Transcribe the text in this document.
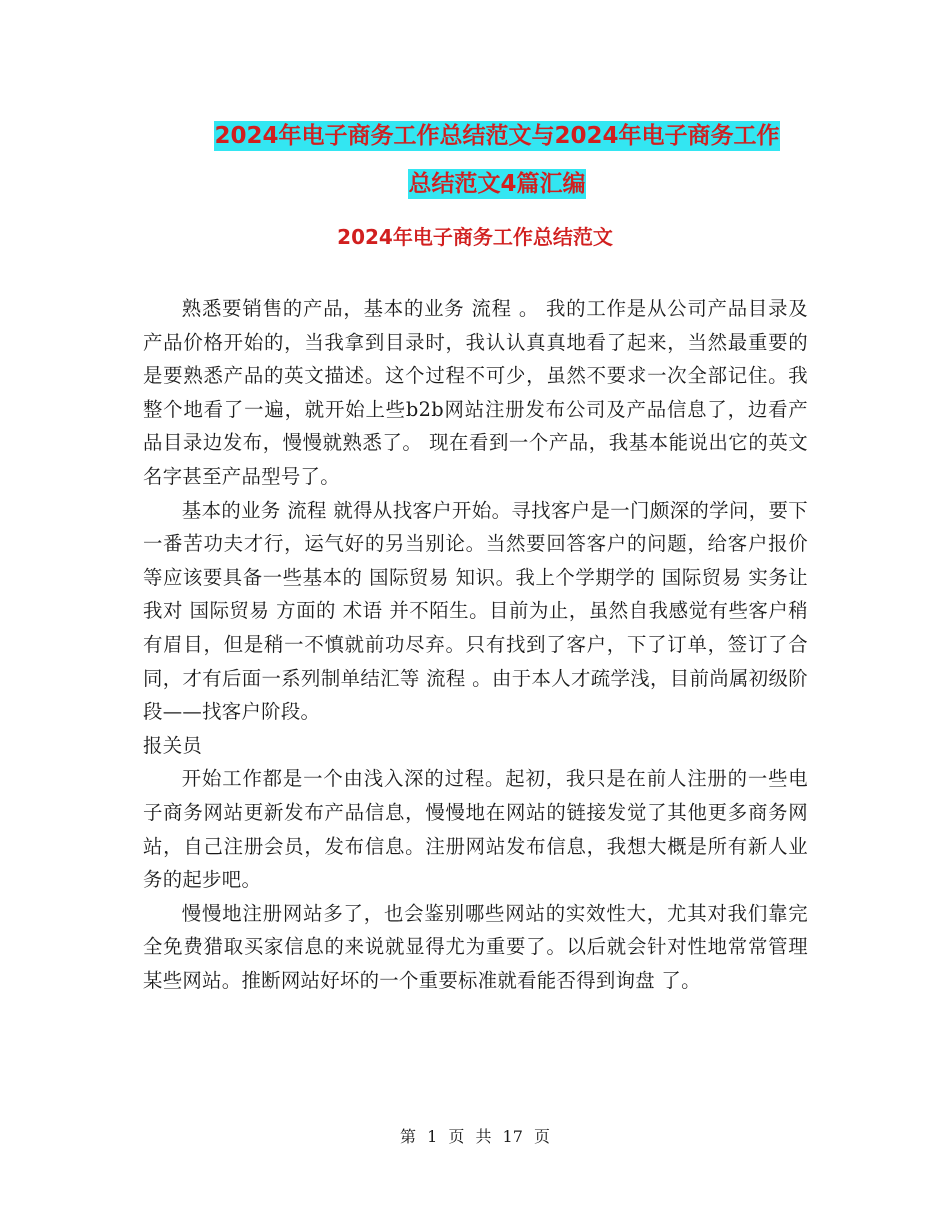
2024年电子商务工作总结范文与2024年电子商务工作
总结范文4篇汇编
2024年电子商务工作总结范文

熟悉要销售的产品，基本的业务 流程 。 我的工作是从公司产品目录及产品价格开始的，当我拿到目录时，我认认真真地看了起来，当然最重要的是要熟悉产品的英文描述。这个过程不可少，虽然不要求一次全部记住。我整个地看了一遍，就开始上些b2b网站注册发布公司及产品信息了，边看产品目录边发布，慢慢就熟悉了。 现在看到一个产品，我基本能说出它的英文名字甚至产品型号了。

基本的业务 流程 就得从找客户开始。寻找客户是一门颇深的学问，要下一番苦功夫才行，运气好的另当别论。当然要回答客户的问题，给客户报价等应该要具备一些基本的 国际贸易 知识。我上个学期学的 国际贸易 实务让我对 国际贸易 方面的 术语 并不陌生。目前为止，虽然自我感觉有些客户稍有眉目，但是稍一不慎就前功尽弃。只有找到了客户，下了订单，签订了合同，才有后面一系列制单结汇等 流程 。由于本人才疏学浅，目前尚属初级阶段——找客户阶段。

报关员

开始工作都是一个由浅入深的过程。起初，我只是在前人注册的一些电子商务网站更新发布产品信息，慢慢地在网站的链接发觉了其他更多商务网站，自己注册会员，发布信息。注册网站发布信息，我想大概是所有新人业务的起步吧。

慢慢地注册网站多了，也会鉴别哪些网站的实效性大，尤其对我们靠完全免费猎取买家信息的来说就显得尤为重要了。以后就会针对性地常常管理某些网站。推断网站好坏的一个重要标准就看能否得到询盘 了。

第 1 页 共 17 页
